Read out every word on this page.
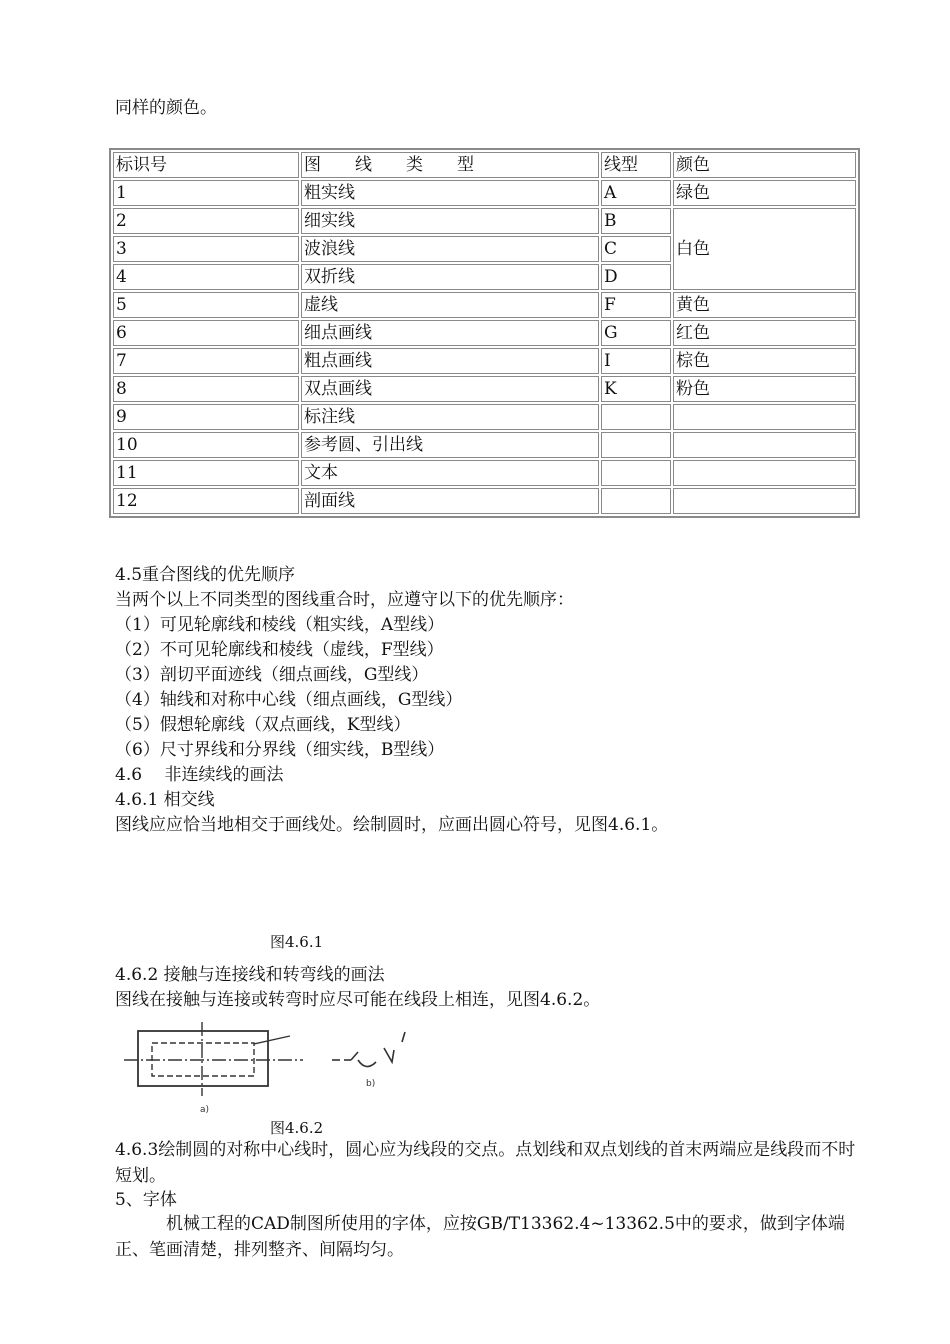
同样的颜色。
标识号	图　　线　　类　　型	线型	颜色
1	粗实线	A	绿色
2	细实线	B	白色
3	波浪线	C	
4	双折线	D	
5	虚线	F	黄色
6	细点画线	G	红色
7	粗点画线	I	棕色
8	双点画线	K	粉色
9	标注线		
10	参考圆、引出线		
11	文本		
12	剖面线		
4.5重合图线的优先顺序
当两个以上不同类型的图线重合时，应遵守以下的优先顺序：
（1）可见轮廓线和棱线（粗实线，A型线）
（2）不可见轮廓线和棱线（虚线，F型线）
（3）剖切平面迹线（细点画线，G型线）
（4）轴线和对称中心线（细点画线，G型线）
（5）假想轮廓线（双点画线，K型线）
（6）尺寸界线和分界线（细实线，B型线）
4.6　 非连续线的画法
4.6.1 相交线
图线应应恰当地相交于画线处。绘制圆时，应画出圆心符号，见图4.6.1。
图4.6.1
4.6.2 接触与连接线和转弯线的画法
图线在接触与连接或转弯时应尽可能在线段上相连，见图4.6.2。
a)
b)
图4.6.2
4.6.3绘制圆的对称中心线时，圆心应为线段的交点。点划线和双点划线的首末两端应是线段而不时短划。
5、字体
　　　机械工程的CAD制图所使用的字体，应按GB/T13362.4~13362.5中的要求，做到字体端正、笔画清楚，排列整齐、间隔均匀。
